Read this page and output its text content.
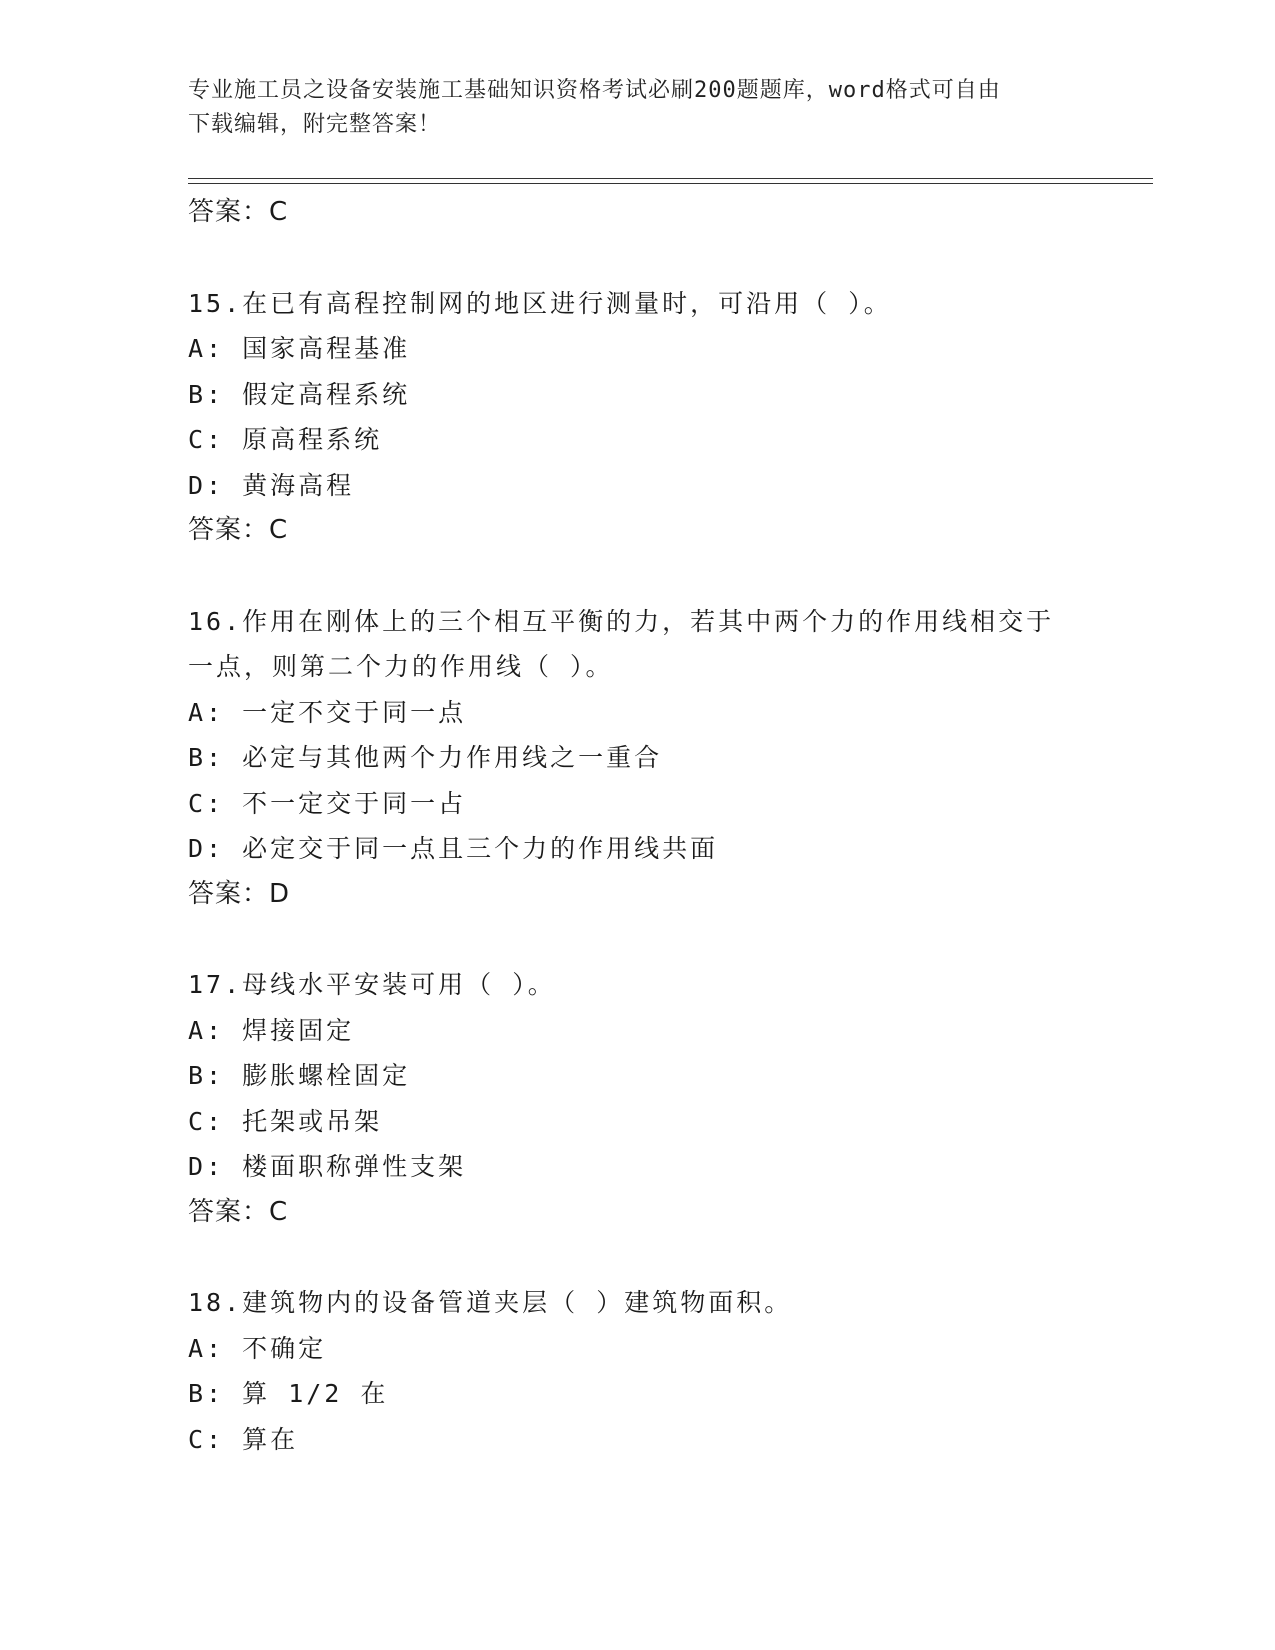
专业施工员之设备安装施工基础知识资格考试必刷200题题库，word格式可自由
下载编辑，附完整答案！
答案：C
15.在已有高程控制网的地区进行测量时，可沿用（ ）。
A: 国家高程基准
B: 假定高程系统
C: 原高程系统
D: 黄海高程
答案：C
16.作用在刚体上的三个相互平衡的力，若其中两个力的作用线相交于
一点，则第二个力的作用线（ ）。
A: 一定不交于同一点
B: 必定与其他两个力作用线之一重合
C: 不一定交于同一占
D: 必定交于同一点且三个力的作用线共面
答案：D
17.母线水平安装可用（ ）。
A: 焊接固定
B: 膨胀螺栓固定
C: 托架或吊架
D: 楼面职称弹性支架
答案：C
18.建筑物内的设备管道夹层（ ）建筑物面积。
A: 不确定
B: 算 1/2 在
C: 算在
